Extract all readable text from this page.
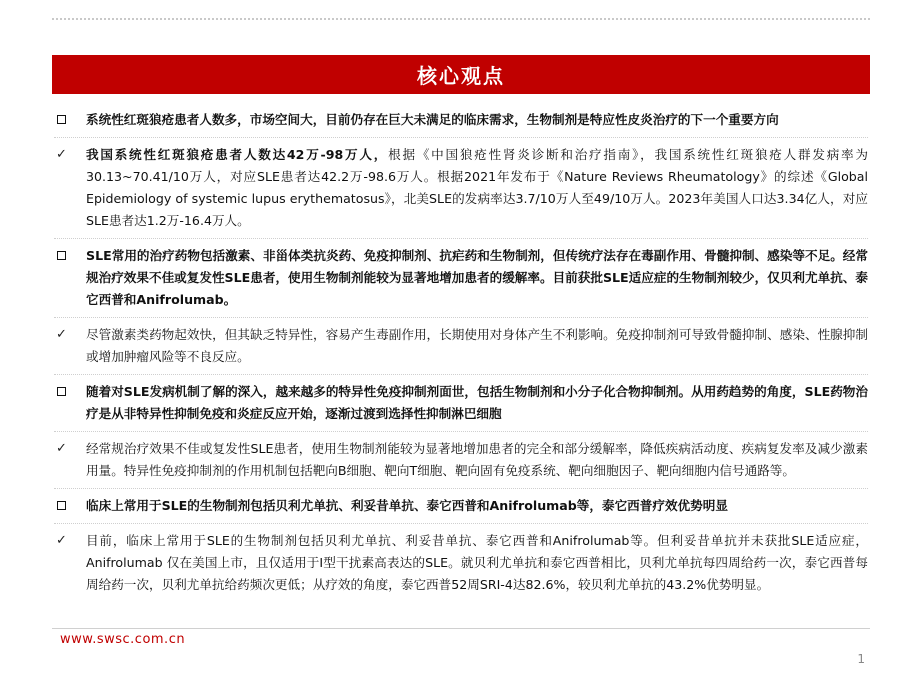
核心观点
系统性红斑狼疮患者人数多，市场空间大，目前仍存在巨大未满足的临床需求，生物制剂是特应性皮炎治疗的下一个重要方向
✓	我国系统性红斑狼疮患者人数达42万-98万人，根据《中国狼疮性肾炎诊断和治疗指南》，我国系统性红斑狼疮人群发病率为30.13~70.41/10万人，对应SLE患者达42.2万-98.6万人。根据2021年发布于《Nature Reviews Rheumatology》的综述《Global Epidemiology of systemic lupus erythematosus》，北美SLE的发病率达3.7/10万人至49/10万人。2023年美国人口达3.34亿人，对应SLE患者达1.2万-16.4万人。
SLE常用的治疗药物包括激素、非甾体类抗炎药、免疫抑制剂、抗疟药和生物制剂，但传统疗法存在毒副作用、骨髓抑制、感染等不足。经常规治疗效果不佳或复发性SLE患者，使用生物制剂能较为显著地增加患者的缓解率。目前获批SLE适应症的生物制剂较少，仅贝利尤单抗、泰它西普和Anifrolumab。
✓	尽管激素类药物起效快，但其缺乏特异性，容易产生毒副作用，长期使用对身体产生不利影响。免疫抑制剂可导致骨髓抑制、感染、性腺抑制或增加肿瘤风险等不良反应。
随着对SLE发病机制了解的深入，越来越多的特异性免疫抑制剂面世，包括生物制剂和小分子化合物抑制剂。从用药趋势的角度，SLE药物治疗是从非特异性抑制免疫和炎症反应开始，逐渐过渡到选择性抑制淋巴细胞
✓	经常规治疗效果不佳或复发性SLE患者，使用生物制剂能较为显著地增加患者的完全和部分缓解率，降低疾病活动度、疾病复发率及减少激素用量。特异性免疫抑制剂的作用机制包括靶向B细胞、靶向T细胞、靶向固有免疫系统、靶向细胞因子、靶向细胞内信号通路等。
临床上常用于SLE的生物制剂包括贝利尤单抗、利妥昔单抗、泰它西普和Anifrolumab等，泰它西普疗效优势明显
✓	目前，临床上常用于SLE的生物制剂包括贝利尤单抗、利妥昔单抗、泰它西普和Anifrolumab等。但利妥昔单抗并未获批SLE适应症，Anifrolumab 仅在美国上市，且仅适用于I型干扰素高表达的SLE。就贝利尤单抗和泰它西普相比，贝利尤单抗每四周给药一次，泰它西普每周给药一次，贝利尤单抗给药频次更低；从疗效的角度，泰它西普52周SRI-4达82.6%，较贝利尤单抗的43.2%优势明显。
www.swsc.com.cn
1
